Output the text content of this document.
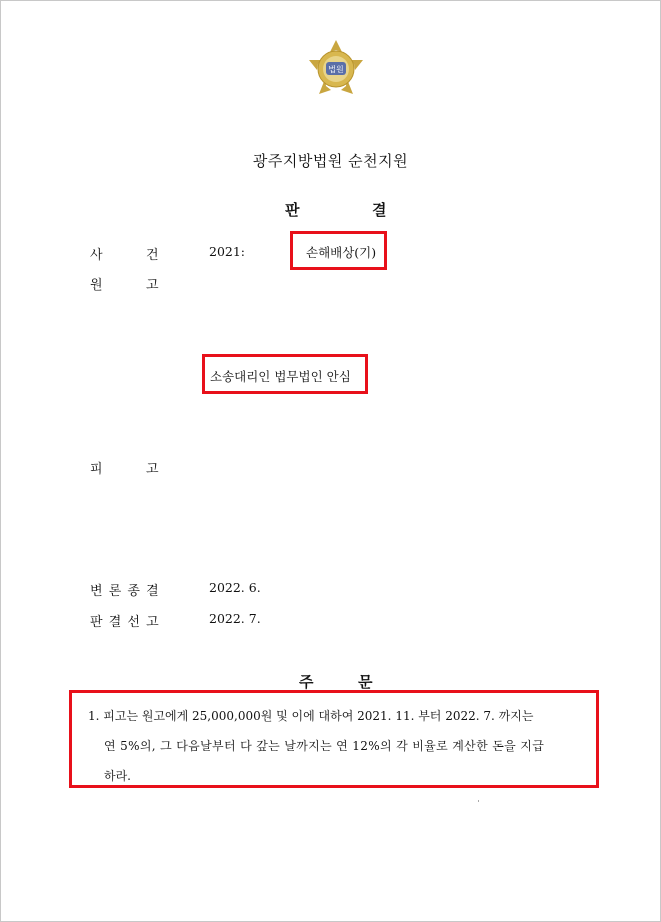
법원
광주지방법원 순천지원
판	결
사	건	2021:	손해배상(기)
원	고
소송대리인 법무법인 안심
피	고
변 론 종 결	2022. 6.
판 결 선 고	2022. 7.
주	문
1. 피고는 원고에게 25,000,000원 및 이에 대하여 2021. 11. 부터 2022. 7. 까지는
연 5%의, 그 다음날부터 다 갚는 날까지는 연 12%의 각 비율로 계산한 돈을 지급
하라.
